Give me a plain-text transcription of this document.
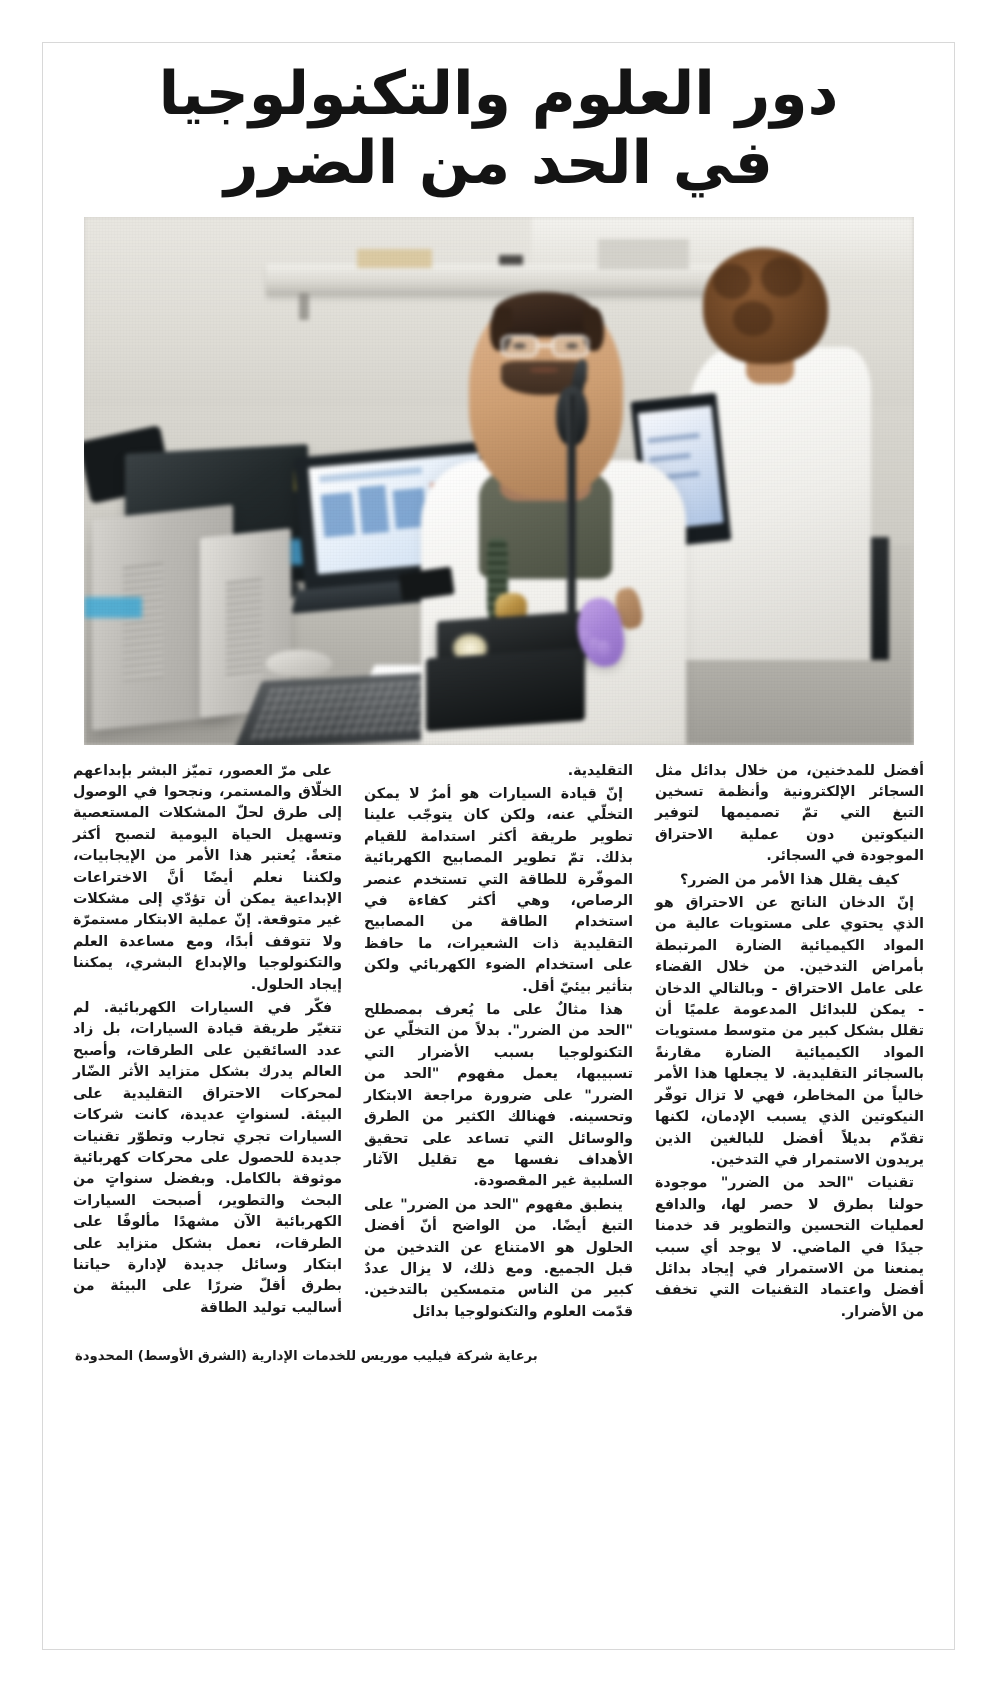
دور العلوم والتكنولوجيا
في الحد من الضرر

على مرّ العصور، تميّز البشر بإبداعهم الخلّاق والمستمر، ونجحوا في الوصول إلى طرق لحلّ المشكلات المستعصية وتسهيل الحياة اليومية لتصبح أكثر متعةً. يُعتبر هذا الأمر من الإيجابيات، ولكننا نعلم أيضًا أنَّ الاختراعات الإبداعية يمكن أن تؤدّي إلى مشكلات غير متوقعة. إنّ عملية الابتكار مستمرّة ولا تتوقف أبدًا، ومع مساعدة العلم والتكنولوجيا والإبداع البشري، يمكننا إيجاد الحلول.

فكّر في السيارات الكهربائية. لم تتغيّر طريقة قيادة السيارات، بل زاد عدد السائقين على الطرقات، وأصبح العالم يدرك بشكل متزايد الأثر الضّار لمحركات الاحتراق التقليدية على البيئة. لسنواتٍ عديدة، كانت شركات السيارات تجري تجارب وتطوّر تقنيات جديدة للحصول على محركات كهربائية موثوقة بالكامل. وبفضل سنواتٍ من البحث والتطوير، أصبحت السيارات الكهربائية الآن مشهدًا مألوفًا على الطرقات، نعمل بشكل متزايد على ابتكار وسائل جديدة لإدارة حياتنا بطرق أقلّ ضررًا على البيئة من أساليب توليد الطاقة

التقليدية.

إنّ قيادة السيارات هو أمرٌ لا يمكن التخلّي عنه، ولكن كان يتوجّب علينا تطوير طريقة أكثر استدامة للقيام بذلك. تمّ تطوير المصابيح الكهربائية الموفّرة للطاقة التي تستخدم عنصر الرصاص، وهي أكثر كفاءة في استخدام الطاقة من المصابيح التقليدية ذات الشعيرات، ما حافظ على استخدام الضوء الكهربائي ولكن بتأثير بيئيّ أقل.

هذا مثالٌ على ما يُعرف بمصطلح "الحد من الضرر". بدلاً من التخلّي عن التكنولوجيا بسبب الأضرار التي تسبيبها، يعمل مفهوم "الحد من الضرر" على ضرورة مراجعة الابتكار وتحسينه. فهنالك الكثير من الطرق والوسائل التي تساعد على تحقيق الأهداف نفسها مع تقليل الآثار السلبية غير المقصودة.

ينطبق مفهوم "الحد من الضرر" على التبغ أيضًا. من الواضح أنّ أفضل الحلول هو الامتناع عن التدخين من قبل الجميع. ومع ذلك، لا يزال عددٌ كبير من الناس متمسكين بالتدخين. قدّمت العلوم والتكنولوجيا بدائل

أفضل للمدخنين، من خلال بدائل مثل السجائر الإلكترونية وأنظمة تسخين التبغ التي تمّ تصميمها لتوفير النيكوتين دون عملية الاحتراق الموجودة في السجائر.

كيف يقلل هذا الأمر من الضرر؟

إنّ الدخان الناتج عن الاحتراق هو الذي يحتوي على مستويات عالية من المواد الكيميائية الضارة المرتبطة بأمراض التدخين. من خلال القضاء على عامل الاحتراق - وبالتالي الدخان - يمكن للبدائل المدعومة علميًا أن تقلل بشكل كبير من متوسط مستويات المواد الكيميائية الضارة مقارنةً بالسجائر التقليدية. لا يجعلها هذا الأمر خالياً من المخاطر، فهي لا تزال توفّر النيكوتين الذي يسبب الإدمان، لكنها تقدّم بديلاً أفضل للبالغين الذين يريدون الاستمرار في التدخين.

تقنيات "الحد من الضرر" موجودة حولنا بطرق لا حصر لها، والدافع لعمليات التحسين والتطوير قد خدمنا جيدًا في الماضي. لا يوجد أي سبب يمنعنا من الاستمرار في إيجاد بدائل أفضل واعتماد التقنيات التي تخفف من الأضرار.

برعاية شركة فيليب موريس للخدمات الإدارية (الشرق الأوسط) المحدودة
